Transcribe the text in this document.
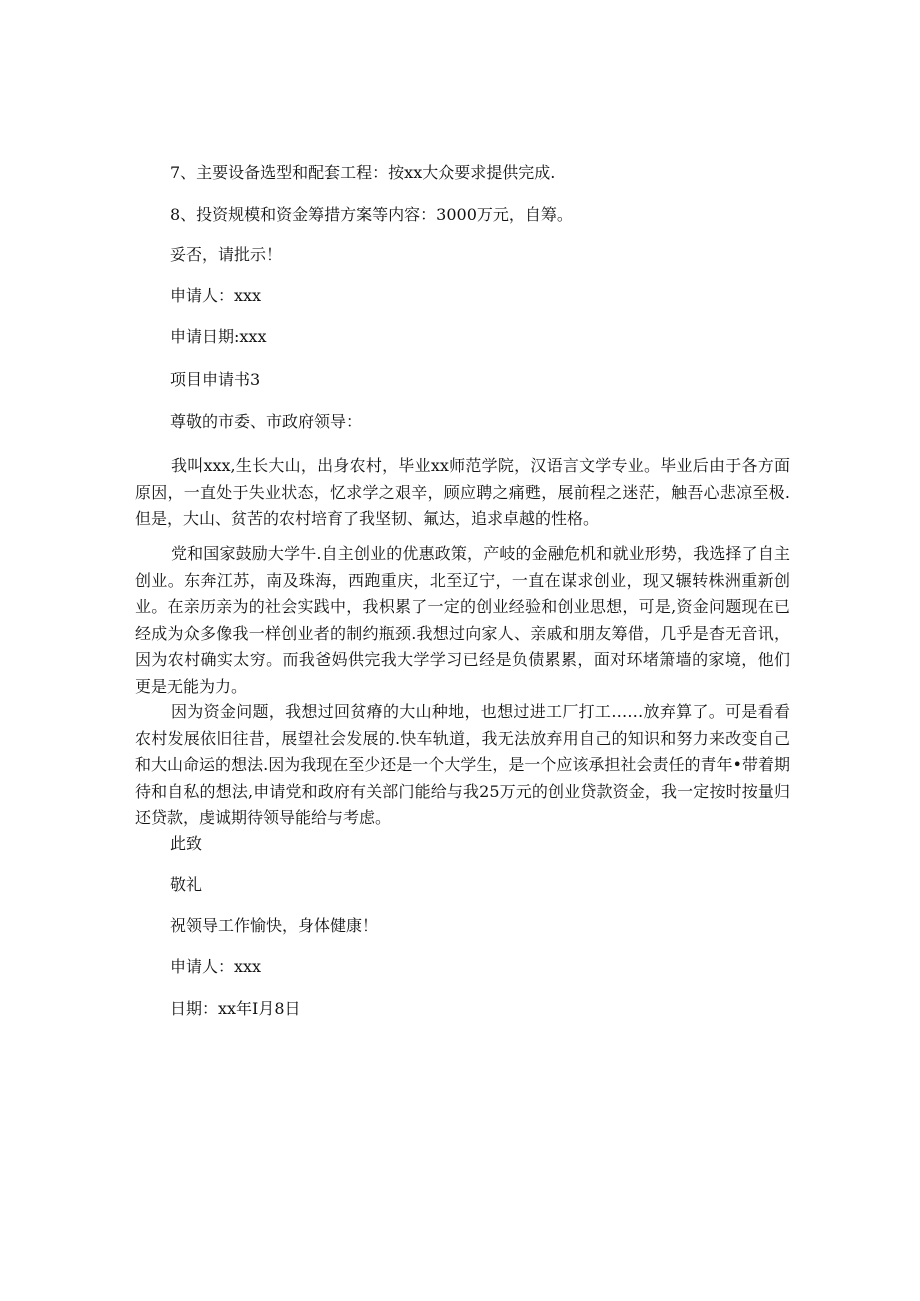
7、主要设备选型和配套工程：按xx大众要求提供完成.
8、投资规模和资金筹措方案等内容：3000万元，自筹。
妥否，请批示！
申请人：xxx
申请日期:xxx
项目申请书3
尊敬的市委、市政府领导：

我叫xxx,生长大山，出身农村，毕业xx师范学院，汉语言文学专业。毕业后由于各方面原因，一直处于失业状态，忆求学之艰辛，顾应聘之痛甦，展前程之迷茫，触吾心悲凉至极.但是，大山、贫苦的农村培育了我坚韧、氟达，追求卓越的性格。

党和国家鼓励大学牛.自主创业的优惠政策，产岐的金融危机和就业形势，我选择了自主创业。东奔江苏，南及珠海，西跑重庆，北至辽宁，一直在谋求创业，现又辗转株洲重新创业。在亲历亲为的社会实践中，我枳累了一定的创业经验和创业思想，可是,资金问题现在已经成为众多像我一样创业者的制约瓶颈.我想过向家人、亲戚和朋友筹借，几乎是杳无音讯，因为农村确实太穷。而我爸妈供完我大学学习已经是负债累累，面对环堵箫墙的家境，他们更是无能为力。

因为资金问题，我想过回贫瘠的大山种地，也想过进工厂打工……放弃算了。可是看看农村发展依旧往昔，展望社会发展的.快车轨道，我无法放弃用自己的知识和努力来改变自己和大山命运的想法.因为我现在至少还是一个大学生，是一个应该承担社会责任的青年•带着期待和自私的想法,申请党和政府有关部门能给与我25万元的创业贷款资金，我一定按时按量归还贷款，虔诚期待领导能给与考虑。

此致
敬礼
祝领导工作愉快，身体健康！
申请人：xxx
日期：xx年I月8日
